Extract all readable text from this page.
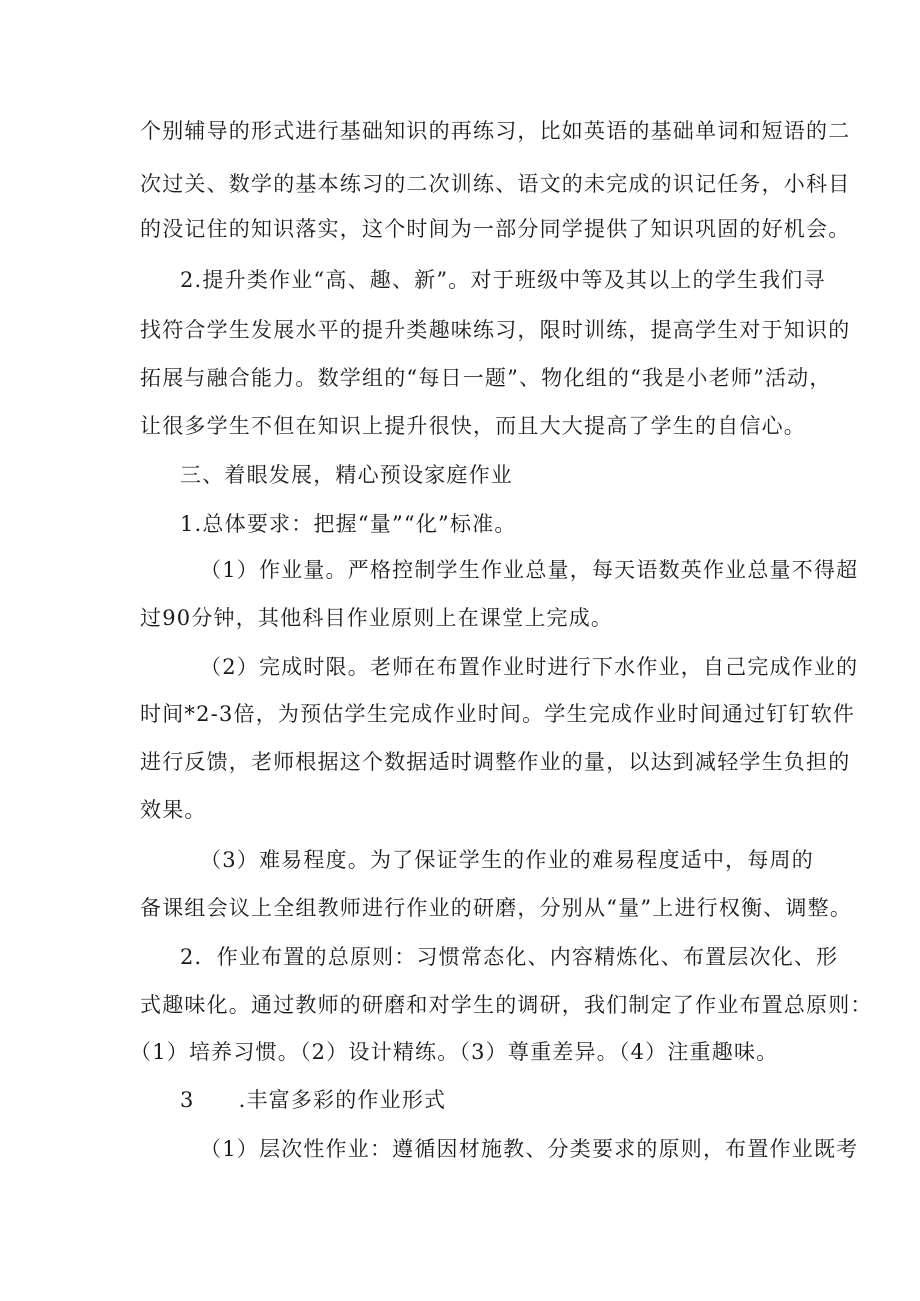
个别辅导的形式进行基础知识的再练习，比如英语的基础单词和短语的二
次过关、数学的基本练习的二次训练、语文的未完成的识记任务，小科目
的没记住的知识落实，这个时间为一部分同学提供了知识巩固的好机会。
2.提升类作业“高、趣、新”。对于班级中等及其以上的学生我们寻
找符合学生发展水平的提升类趣味练习，限时训练，提高学生对于知识的
拓展与融合能力。数学组的“每日一题”、物化组的“我是小老师”活动，
让很多学生不但在知识上提升很快，而且大大提高了学生的自信心。
三、着眼发展，精心预设家庭作业
1.总体要求：把握“量”“化”标准。
（1）作业量。严格控制学生作业总量，每天语数英作业总量不得超
过90分钟，其他科目作业原则上在课堂上完成。
（2）完成时限。老师在布置作业时进行下水作业，自己完成作业的
时间*2-3倍，为预估学生完成作业时间。学生完成作业时间通过钉钉软件
进行反馈，老师根据这个数据适时调整作业的量，以达到减轻学生负担的
效果。
（3）难易程度。为了保证学生的作业的难易程度适中，每周的
备课组会议上全组教师进行作业的研磨，分别从“量”上进行权衡、调整。
2．作业布置的总原则：习惯常态化、内容精炼化、布置层次化、形
式趣味化。通过教师的研磨和对学生的调研，我们制定了作业布置总原则：
（1）培养习惯。（2）设计精练。（3）尊重差异。（4）注重趣味。
3 .丰富多彩的作业形式
（1）层次性作业：遵循因材施教、分类要求的原则，布置作业既考
